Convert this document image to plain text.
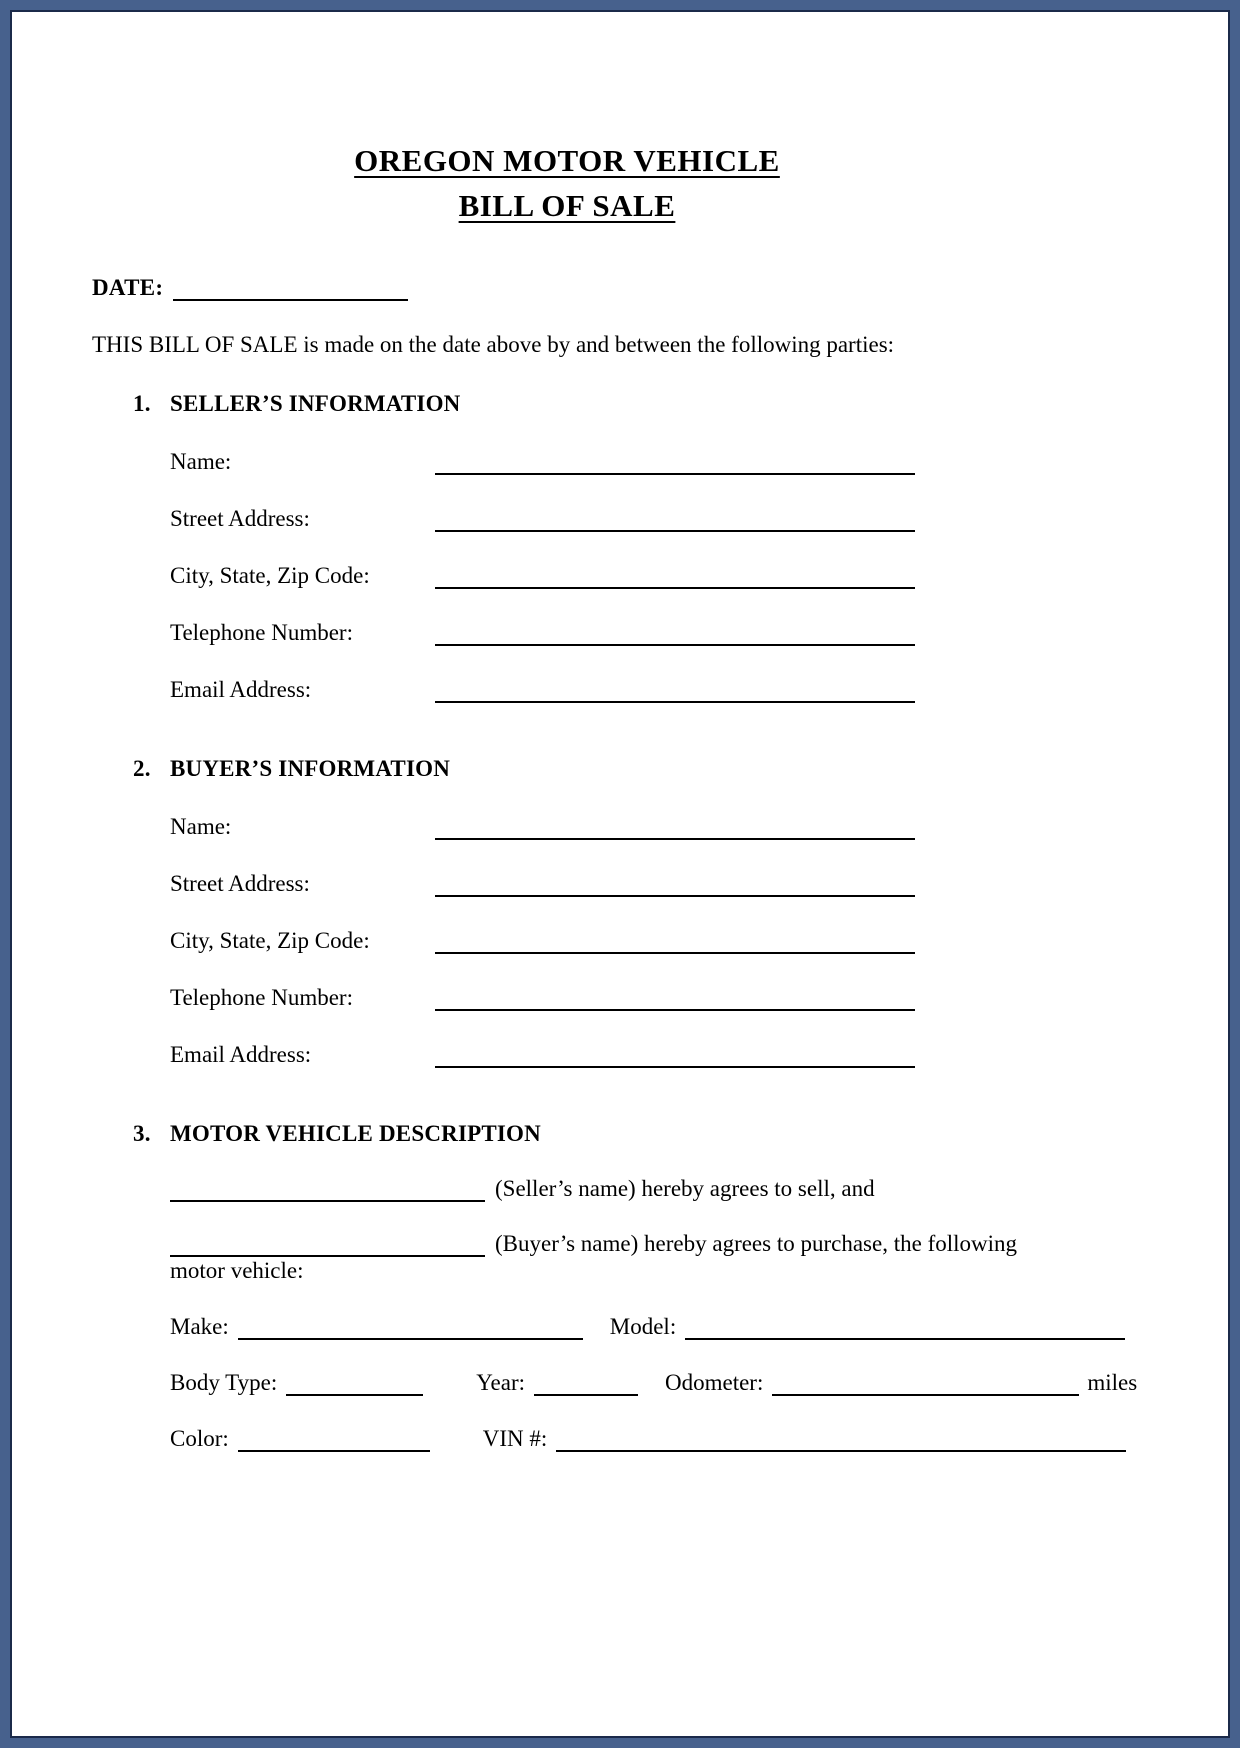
OREGON MOTOR VEHICLE
BILL OF SALE
DATE:
THIS BILL OF SALE is made on the date above by and between the following parties:
1. SELLER’S INFORMATION
Name:
Street Address:
City, State, Zip Code:
Telephone Number:
Email Address:
2. BUYER’S INFORMATION
Name:
Street Address:
City, State, Zip Code:
Telephone Number:
Email Address:
3. MOTOR VEHICLE DESCRIPTION
(Seller’s name) hereby agrees to sell, and
(Buyer’s name) hereby agrees to purchase, the following
motor vehicle:
Make:	Model:
Body Type:	Year:	Odometer:	miles
Color:	VIN #:
